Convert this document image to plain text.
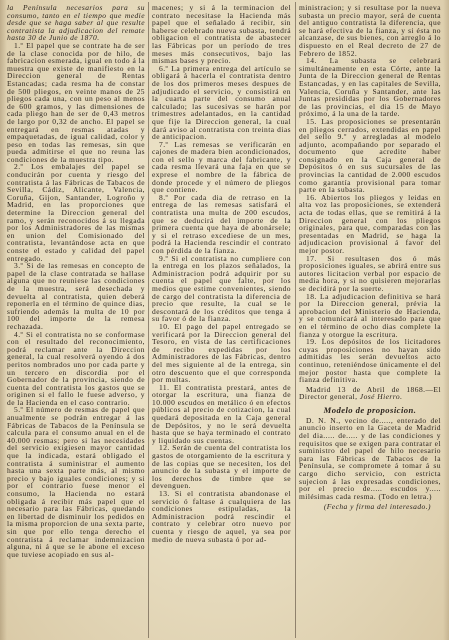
la Península necesarios para su consumo, tanto en el tiempo que medie desde que se haga saber al que resulte contratista la adjudicacion del remate hasta 30 de Junio de 1870.

1.º El papel que se contrate ha de ser de la clase conocida por de hilo, de fabricacion esmerada, igual en todo á la muestra que existe de manifiesto en la Direccion general de Rentas Estancadas; cada resma ha de constar de 500 pliegos, en veinte manos de 25 pliegos cada una, con un peso al menos de 600 gramos, y las dimensiones de cada pliego han de ser de 0,43 metros de largo por 0,32 de ancho. El papel se entregará en resmas atadas y empaquetadas, de igual calidad, color y peso en todas las remesas, sin que pueda admitirse el que no reuna las condiciones de la muestra tipo.

2.º Los embalajes del papel se conducirán por cuenta y riesgo del contratista á las Fábricas de Tabacos de Sevilla, Cádiz, Alicante, Valencia, Coruña, Gijon, Santander, Logroño y Madrid, en las proporciones que determine la Direccion general del ramo, y serán reconocidos á su llegada por los Administradores de las mismas en union del Comisionado del contratista, levantándose acta en que conste el estado y calidad del papel entregado.

3.º Si de las remesas en concepto de papel de la clase contratada se hallase alguna que no reuniese las condiciones de la muestra, será desechada y devuelta al contratista, quien deberá reponerla en el término de quince dias, sufriendo además la multa de 10 por 100 del importe de la remesa rechazada.

4.º Si el contratista no se conformase con el resultado del reconocimiento, podrá reclamar ante la Direccion general, la cual resolverá oyendo á dos peritos nombrados uno por cada parte y un tercero en discordia por el Gobernador de la provincia, siendo de cuenta del contratista los gastos que se originen si el fallo le fuese adverso, y de la Hacienda en el caso contrario.

5.º El número de resmas de papel que anualmente se podrán entregar á las Fábricas de Tabacos de la Península se calcula para el consumo anual en el de 40.000 resmas; pero si las necesidades del servicio exigiesen mayor cantidad que la indicada, estará obligado el contratista á suministrar el aumento hasta una sexta parte más, al mismo precio y bajo iguales condiciones; y si por el contrario fuese menor el consumo, la Hacienda no estará obligada á recibir más papel que el necesario para las Fábricas, quedando en libertad de disminuir los pedidos en la misma proporcion de una sexta parte, sin que por ello tenga derecho el contratista á reclamar indemnizacion alguna, ni á que se le abone el exceso que tuviese acopiado en sus al-

macenes; y si á la terminacion del contrato necesitase la Hacienda más papel que el señalado á recibir, sin haberse celebrado nueva subasta, tendrá obligacion el contratista de abastecer las Fábricas por un período de tres meses más consecutivos, bajo las mismas bases y precio.

6.º La primera entrega del artículo se obligará á hacerla el contratista dentro de los dos primeros meses despues de adjudicado el servicio, y consistirá en la cuarta parte del consumo anual calculado; las sucesivas se harán por trimestres adelantados, en la cantidad que fije la Direccion general, la cual dará aviso al contratista con treinta dias de anticipacion.

7.º Las remesas se verificarán en cajones de madera bien acondicionados, con el sello y marca del fabricante, y cada resma llevará una faja en que se exprese el nombre de la fábrica de donde procede y el número de pliegos que contiene.

8.º Por cada dia de retraso en la entrega de las remesas satisfará el contratista una multa de 200 escudos, que se deducirá del importe de la primera cuenta que haya de abonársele; y si el retraso excediese de un mes, podrá la Hacienda rescindir el contrato con pérdida de la fianza.

9.º Si el contratista no cumpliere con la entrega en los plazos señalados, la Administracion podrá adquirir por su cuenta el papel que falte, por los medios que estime convenientes, siendo de cargo del contratista la diferencia de precio que resulte, la cual se le descontará de los créditos que tenga á su favor ó de la fianza.

10. El pago del papel entregado se verificará por la Direccion general del Tesoro, en vista de las certificaciones de recibo expedidas por los Administradores de las Fábricas, dentro del mes siguiente al de la entrega, sin otro descuento que el que corresponda por multas.

11. El contratista prestará, antes de otorgar la escritura, una fianza de 10.000 escudos en metálico ó en efectos públicos al precio de cotizacion, la cual quedará depositada en la Caja general de Depósitos, y no le será devuelta hasta que se haya terminado el contrato y liquidado sus cuentas.

12. Serán de cuenta del contratista los gastos de otorgamiento de la escritura y de las copias que se necesiten, los del anuncio de la subasta y el importe de los derechos de timbre que se devenguen.

13. Si el contratista abandonase el servicio ó faltase á cualquiera de las condiciones estipuladas, la Administracion podrá rescindir el contrato y celebrar otro nuevo por cuenta y riesgo de aquel, ya sea por medio de nueva subasta ó por ad-

ministracion; y si resultase por la nueva subasta un precio mayor, será de cuenta del antiguo contratista la diferencia, que se hará efectiva de la fianza, y si ésta no alcanzase, de sus bienes, con arreglo á lo dispuesto en el Real decreto de 27 de Febrero de 1852.

14. La subasta se celebrará simultáneamente en esta Córte, ante la Junta de la Direccion general de Rentas Estancadas, y en las capitales de Sevilla, Valencia, Coruña y Santander, ante las Juntas presididas por los Gobernadores de las provincias, el dia 15 de Mayo próximo, á la una de la tarde.

15. Las proposiciones se presentarán en pliegos cerrados, extendidas en papel del sello 9.º y arregladas al modelo adjunto, acompañando por separado el documento que acredite haber consignado en la Caja general de Depósitos ó en sus sucursales de las provincias la cantidad de 2.000 escudos como garantía provisional para tomar parte en la subasta.

16. Abiertos los pliegos y leidas en alta voz las proposiciones, se extenderá acta de todas ellas, que se remitirá á la Direccion general con los pliegos originales, para que, comparadas con las presentadas en Madrid, se haga la adjudicacion provisional á favor del mejor postor.

17. Si resultasen dos ó más proposiciones iguales, se abrirá entre sus autores licitacion verbal por espacio de media hora, y si no quisieren mejorarlas se decidirá por la suerte.

18. La adjudicacion definitiva se hará por la Direccion general, prévia la aprobacion del Ministerio de Hacienda, y se comunicará al interesado para que en el término de ocho dias complete la fianza y otorgue la escritura.

19. Los depósitos de los licitadores cuyas proposiciones no hayan sido admitidas les serán devueltos acto continuo, reteniéndose únicamente el del mejor postor hasta que complete la fianza definitiva.

Madrid 13 de Abril de 1868.—El Director general, José Hierro.

Modelo de proposicion.

D. N. N., vecino de....., enterado del anuncio inserto en la Gaceta de Madrid del dia..... de..... y de las condiciones y requisitos que se exigen para contratar el suministro del papel de hilo necesario para las Fábricas de Tabacos de la Península, se compromete á tomar á su cargo dicho servicio, con estricta sujecion á las expresadas condiciones, por el precio de..... escudos y..... milésimas cada resma. (Todo en letra.)

(Fecha y firma del interesado.)
